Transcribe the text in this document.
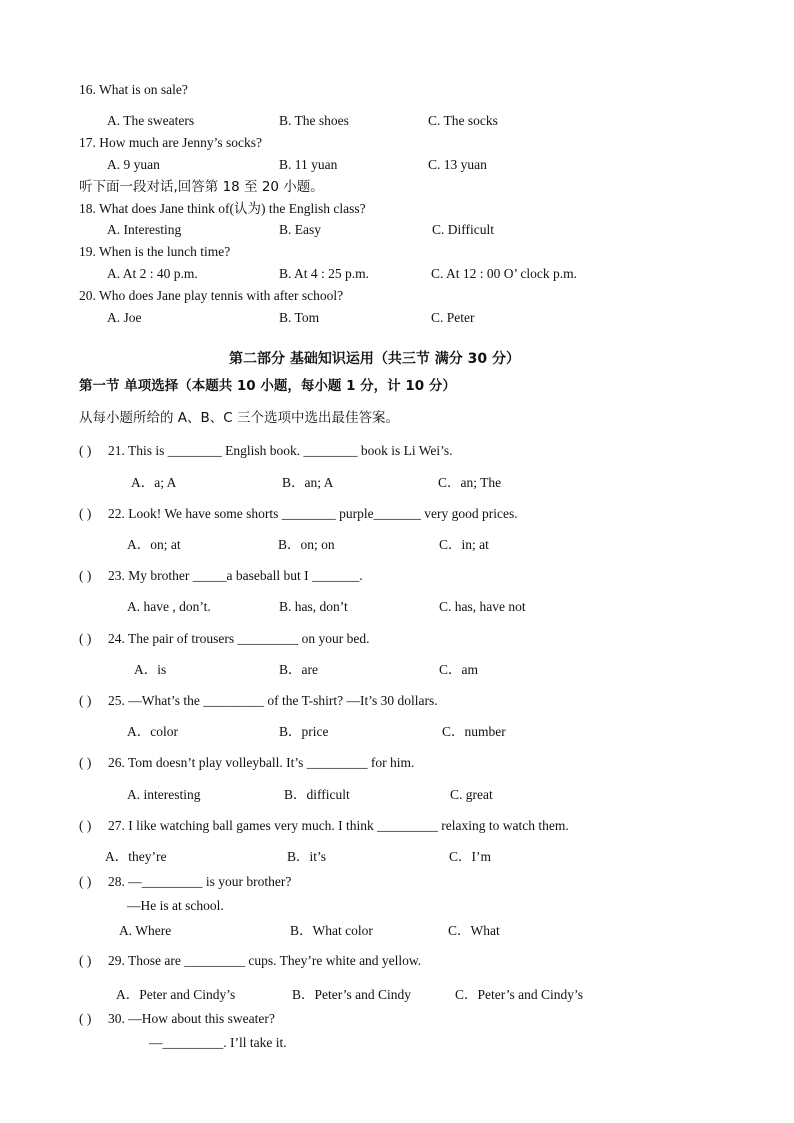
16. What is on sale?
A. The sweaters	B. The shoes	C. The socks
17. How much are Jenny’s socks?
A. 9 yuan	B. 11 yuan	C. 13 yuan
听下面一段对话,回答第 18 至 20 小题。
18. What does Jane think of(认为) the English class?
A. Interesting	B. Easy	C. Difficult
19. When is the lunch time?
A. At 2 : 40 p.m.	B. At 4 : 25 p.m.	C. At 12 : 00 O’ clock p.m.
20. Who does Jane play tennis with after school?
A. Joe	B. Tom	C. Peter
第二部分 基础知识运用（共三节 满分 30 分）
第一节 单项选择（本题共 10 小题，每小题 1 分，计 10 分）
从每小题所给的 A、B、C 三个选项中选出最佳答案。
( ) 21. This is ________ English book. ________ book is Li Wei’s.
A．a; A	B．an; A	C．an; The
( ) 22. Look! We have some shorts ________ purple_______ very good prices.
A．on; at	B．on; on	C．in; at
( ) 23. My brother _____a baseball but I _______.
A. have , don’t.	B. has, don’t	C. has, have not
( ) 24. The pair of trousers _________ on your bed.
A．is	B．are	C．am
( ) 25. —What’s the _________ of the T-shirt? —It’s 30 dollars.
A．color	B．price	C．number
( ) 26. Tom doesn’t play volleyball. It’s _________ for him.
A. interesting	B．difficult	C. great
( ) 27. I like watching ball games very much. I think _________ relaxing to watch them.
A．they’re	B．it’s	C．I’m
( ) 28. —_________ is your brother?
—He is at school.
A. Where	B．What color	C．What
( ) 29. Those are _________ cups. They’re white and yellow.
A．Peter and Cindy’s	B．Peter’s and Cindy	C．Peter’s and Cindy’s
( ) 30. —How about this sweater?
—_________. I’ll take it.
